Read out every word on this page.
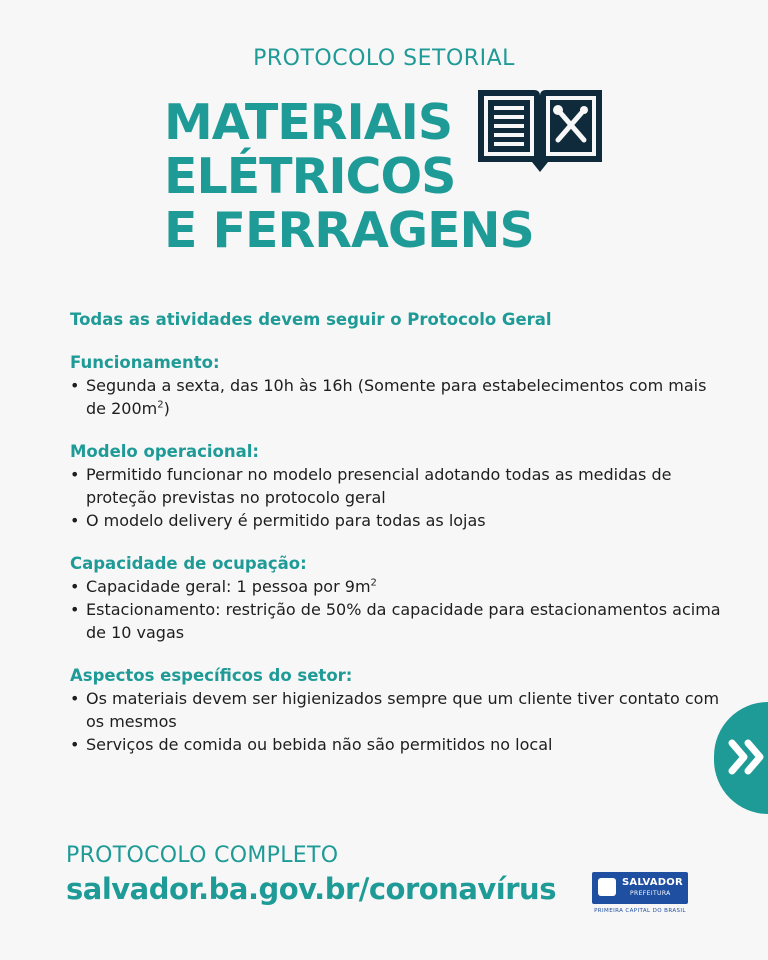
PROTOCOLO SETORIAL
MATERIAIS
ELÉTRICOS
E FERRAGENS
Todas as atividades devem seguir o Protocolo Geral
Funcionamento:
• Segunda a sexta, das 10h às 16h (Somente para estabelecimentos com mais de $200m^2$)
Modelo operacional:
• Permitido funcionar no modelo presencial adotando todas as medidas de proteção previstas no protocolo geral
• O modelo delivery é permitido para todas as lojas
Capacidade de ocupação:
• Capacidade geral: 1 pessoa por $9m^2$
• Estacionamento: restrição de 50% da capacidade para estacionamentos acima de 10 vagas
Aspectos específicos do setor:
• Os materiais devem ser higienizados sempre que um cliente tiver contato com os mesmos
• Serviços de comida ou bebida não são permitidos no local
PROTOCOLO COMPLETO
salvador.ba.gov.br/coronavírus	SALVADOR
PREFEITURA
PRIMEIRA CAPITAL DO BRASIL
